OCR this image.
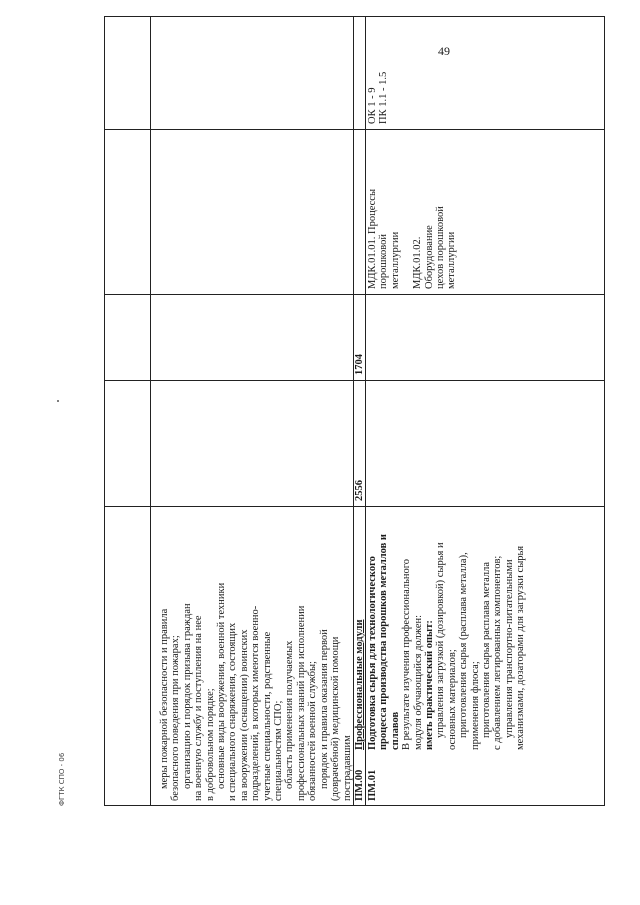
49
ФГТК СПО - 06	меры пожарной безопасности и правила безопасного поведения при пожарах; организацию и порядок призыва граждан на военную службу и поступления на нее в добровольном порядке; основные виды вооружения, военной техники и специального снаряжения, состоящих на вооружении (оснащении) воинских подразделений, в которых имеются военно- учетные специальности, родственные специальностям СПО; область применения получаемых профессиональных знаний при исполнении обязанностей военной службы; порядок и правила оказания первой (доврачебной) медицинской помощи пострадавшим ПМ.00
Профессиональные модули
2556
1704
ПМ.01
Подготовка сырья для технологического процесса производства порошков металлов и сплавов В результате изучения профессионального модуля обучающийся должен: иметь практический опыт: управления загрузкой (дозировкой) сырья и основных материалов; приготовления сырья (расплава металла), применения флюса; приготовления сырья расплава металла с добавлением легированных компонентов; управления транспортно-питательными механизмами, дозаторами для загрузки сырья
МДК.01.01. Процессы порошковой металлургии МДК.01.02. Оборудование цехов порошковой металлургии
ОК 1 - 9 ПК 1.1 - 1.5
